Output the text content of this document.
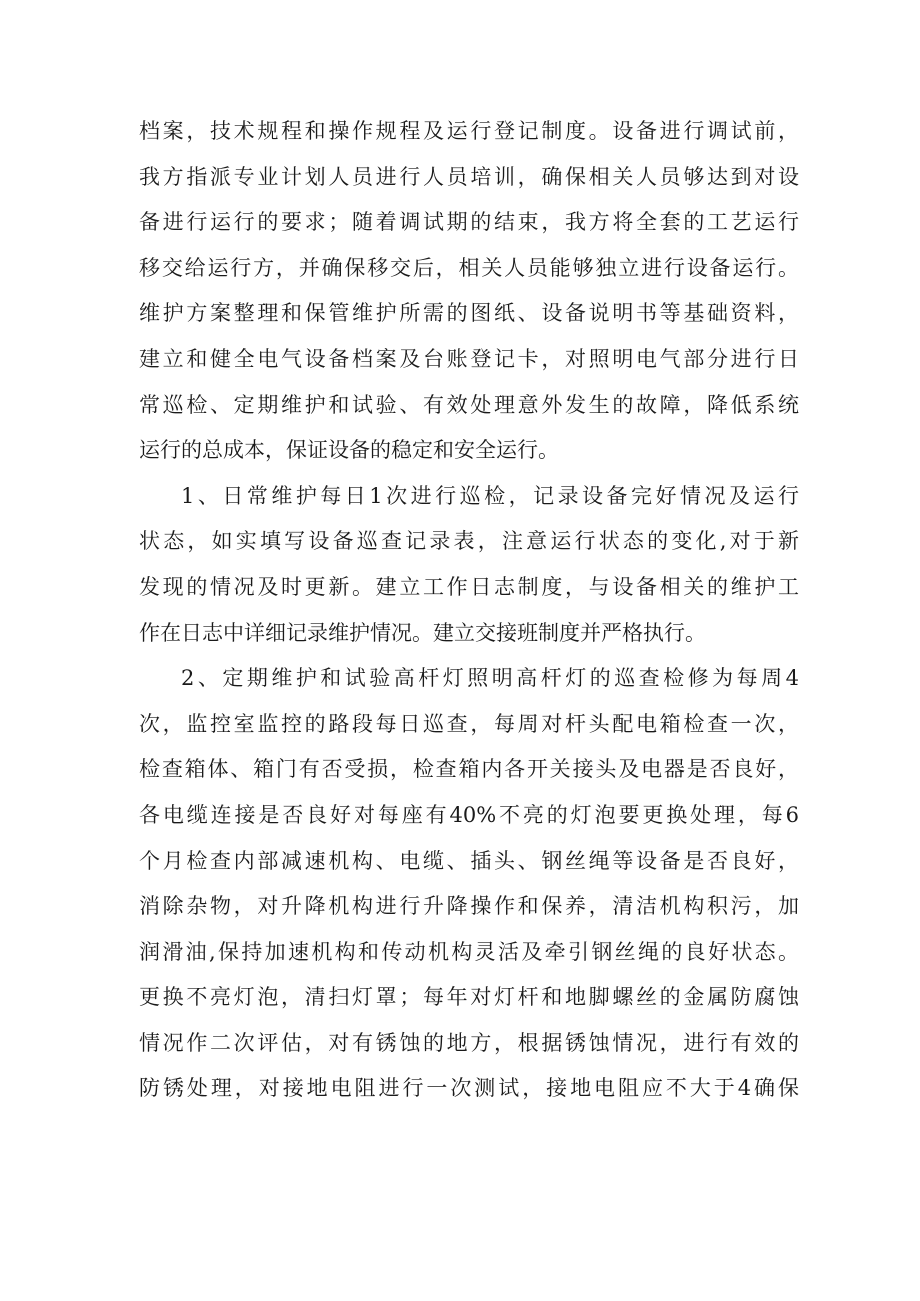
档案，技术规程和操作规程及运行登记制度。设备进行调试前，
我方指派专业计划人员进行人员培训，确保相关人员够达到对设
备进行运行的要求；随着调试期的结束，我方将全套的工艺运行
移交给运行方，并确保移交后，相关人员能够独立进行设备运行。
维护方案整理和保管维护所需的图纸、设备说明书等基础资料，
建立和健全电气设备档案及台账登记卡，对照明电气部分进行日
常巡检、定期维护和试验、有效处理意外发生的故障，降低系统
运行的总成本，保证设备的稳定和安全运行。
1、日常维护每日1次进行巡检，记录设备完好情况及运行
状态，如实填写设备巡查记录表，注意运行状态的变化,对于新
发现的情况及时更新。建立工作日志制度，与设备相关的维护工
作在日志中详细记录维护情况。建立交接班制度并严格执行。
2、定期维护和试验高杆灯照明高杆灯的巡查检修为每周4
次，监控室监控的路段每日巡查，每周对杆头配电箱检查一次，
检查箱体、箱门有否受损，检查箱内各开关接头及电器是否良好，
各电缆连接是否良好对每座有40%不亮的灯泡要更换处理，每6
个月检查内部减速机构、电缆、插头、钢丝绳等设备是否良好，
消除杂物，对升降机构进行升降操作和保养，清洁机构积污，加
润滑油,保持加速机构和传动机构灵活及牵引钢丝绳的良好状态。
更换不亮灯泡，清扫灯罩；每年对灯杆和地脚螺丝的金属防腐蚀
情况作二次评估，对有锈蚀的地方，根据锈蚀情况，进行有效的
防锈处理，对接地电阻进行一次测试，接地电阻应不大于4确保
